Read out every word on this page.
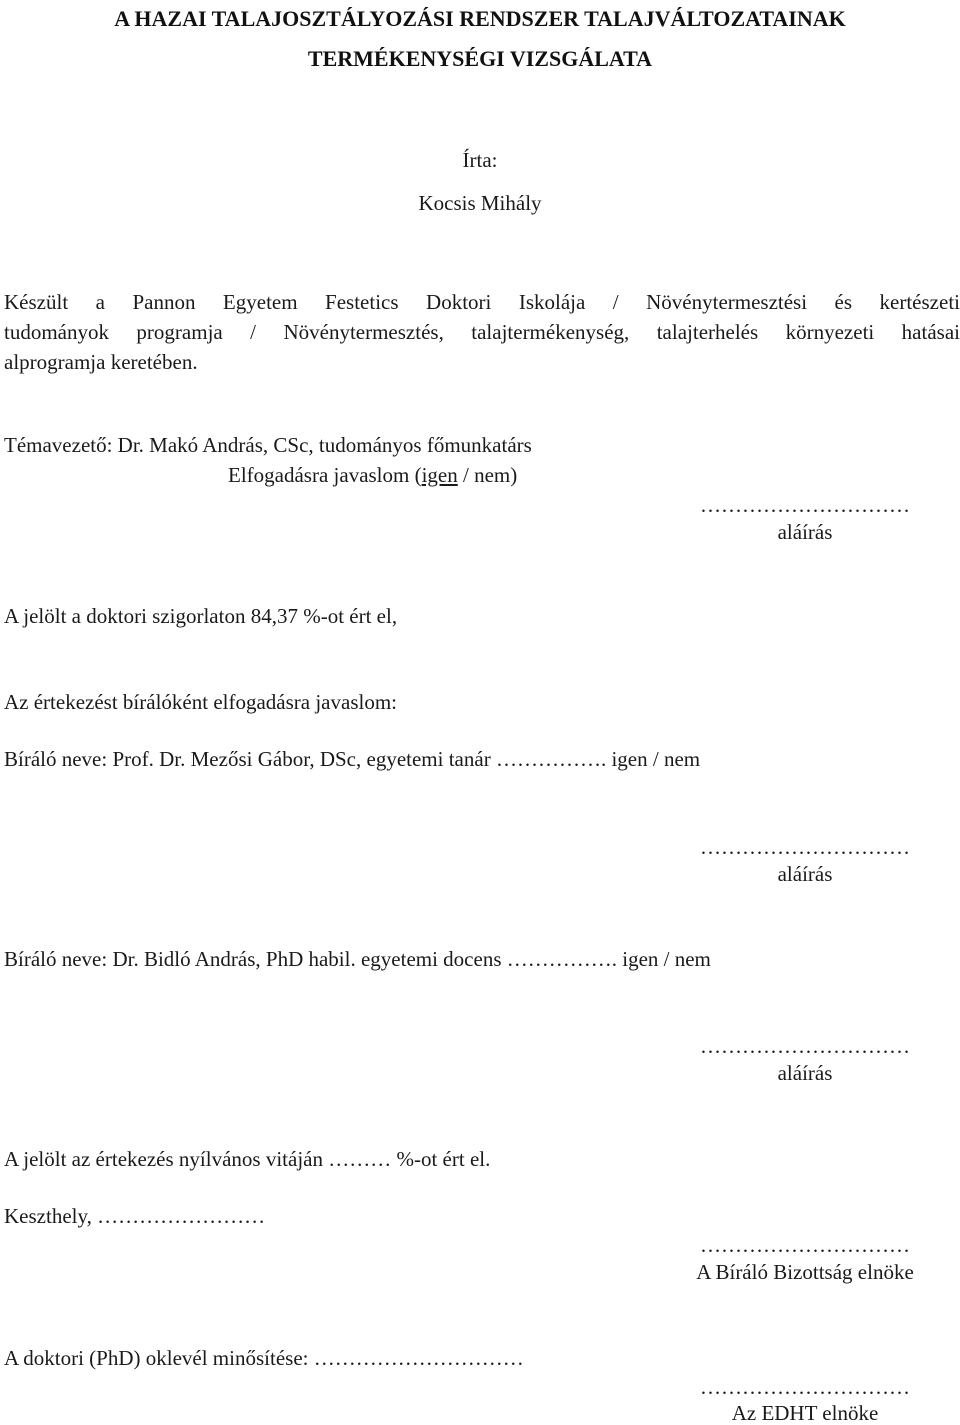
A HAZAI TALAJOSZTÁLYOZÁSI RENDSZER TALAJVÁLTOZATAINAK
TERMÉKENYSÉGI VIZSGÁLATA
Írta:
Kocsis Mihály
Készült a Pannon Egyetem Festetics Doktori Iskolája / Növénytermesztési és kertészeti
tudományok programja / Növénytermesztés, talajtermékenység, talajterhelés környezeti hatásai
alprogramja keretében.
Témavezető: Dr. Makó András, CSc, tudományos főmunkatárs
Elfogadásra javaslom (igen / nem)
…………………………
aláírás
A jelölt a doktori szigorlaton 84,37 %-ot ért el,
Az értekezést bírálóként elfogadásra javaslom:
Bíráló neve: Prof. Dr. Mezősi Gábor, DSc, egyetemi tanár ……………. igen / nem
…………………………
aláírás
Bíráló neve: Dr. Bidló András, PhD habil. egyetemi docens ……………. igen / nem
…………………………
aláírás
A jelölt az értekezés nyílvános vitáján ……… %-ot ért el.
Keszthely, ……………………
…………………………
A Bíráló Bizottság elnöke
A doktori (PhD) oklevél minősítése: …………………………
…………………………
Az EDHT elnöke
